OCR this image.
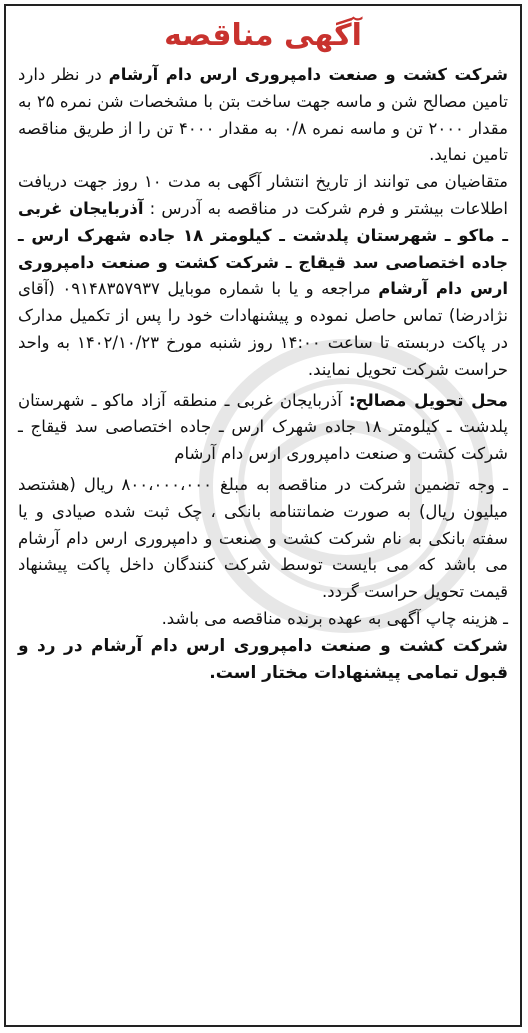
آگهی مناقصه

شرکت کشت و صنعت دامپروری ارس دام آرشام در نظر دارد تامین مصالح شن و ماسه جهت ساخت بتن با مشخصات شن نمره ۲۵ به مقدار ۲۰۰۰ تن و ماسه نمره ۰/۸ به مقدار ۴۰۰۰ تن را از طریق مناقصه تامین نماید.

متقاضیان می توانند از تاریخ انتشار آگهی به مدت ۱۰ روز جهت دریافت اطلاعات بیشتر و فرم شرکت در مناقصه به آدرس : آذربایجان غربی ـ ماکو ـ شهرستان پلدشت ـ کیلومتر ۱۸ جاده شهرک ارس ـ جاده اختصاصی سد قیقاج ـ شرکت کشت و صنعت دامپروری ارس دام آرشام مراجعه و یا با شماره موبایل ۰۹۱۴۸۳۵۷۹۳۷ (آقای نژادرضا) تماس حاصل نموده و پیشنهادات خود را پس از تکمیل مدارک در پاکت دربسته تا ساعت ۱۴:۰۰ روز شنبه مورخ ۱۴۰۲/۱۰/۲۳ به واحد حراست شرکت تحویل نمایند.

محل تحویل مصالح: آذربایجان غربی ـ منطقه آزاد ماکو ـ شهرستان پلدشت ـ کیلومتر ۱۸ جاده شهرک ارس ـ جاده اختصاصی سد قیقاج ـ شرکت کشت و صنعت دامپروری ارس دام آرشام

ـ وجه تضمین شرکت در مناقصه به مبلغ ۸۰۰،۰۰۰،۰۰۰ ریال (هشتصد میلیون ریال) به صورت ضمانتنامه بانکی ، چک ثبت شده صیادی و یا سفته بانکی به نام شرکت کشت و صنعت و دامپروری ارس دام آرشام می باشد که می بایست توسط شرکت کنندگان داخل پاکت پیشنهاد قیمت تحویل حراست گردد.

ـ هزینه چاپ آگهی به عهده برنده مناقصه می باشد.

شرکت کشت و صنعت دامپروری ارس دام آرشام در رد و قبول تمامی پیشنهادات مختار است.
